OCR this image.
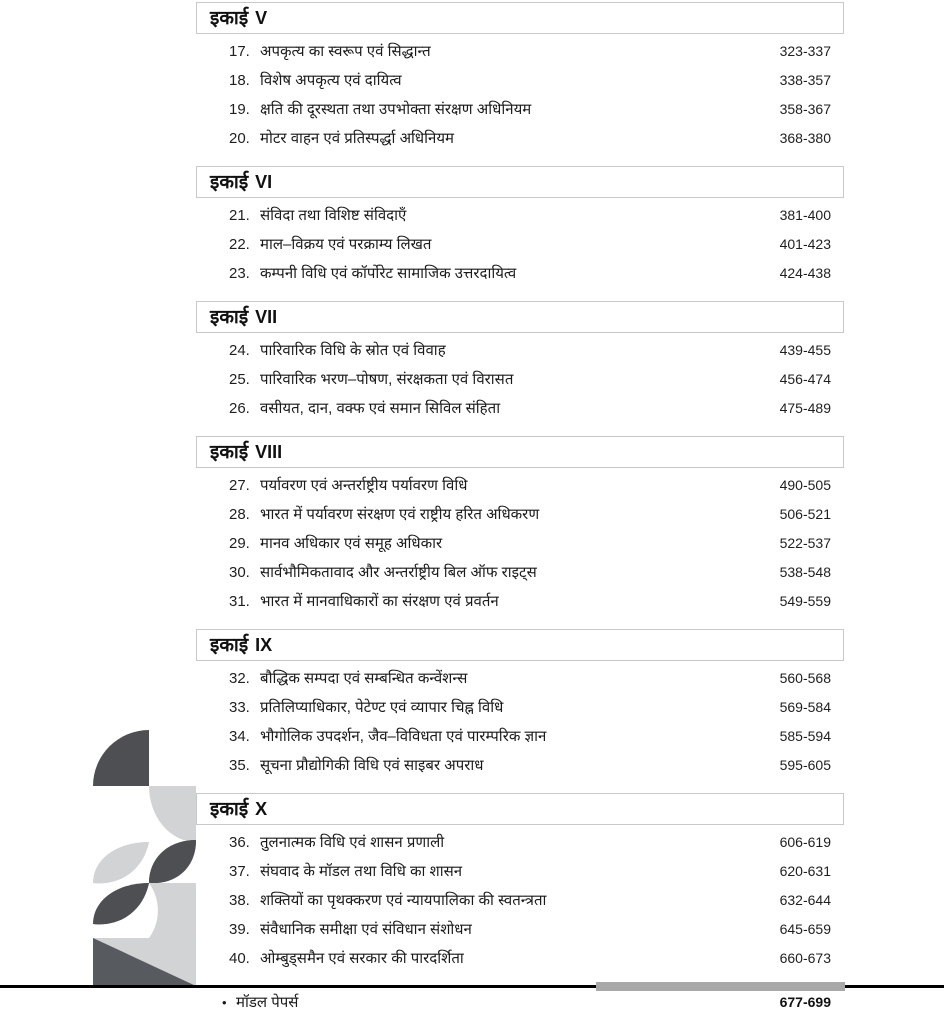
इकाई V
17. अपकृत्य का स्वरूप एवं सिद्धान्त	323-337
18. विशेष अपकृत्य एवं दायित्व	338-357
19. क्षति की दूरस्थता तथा उपभोक्ता संरक्षण अधिनियम	358-367
20. मोटर वाहन एवं प्रतिस्पर्द्धा अधिनियम	368-380
इकाई VI
21. संविदा तथा विशिष्ट संविदाएँ	381-400
22. माल–विक्रय एवं परक्राम्य लिखत	401-423
23. कम्पनी विधि एवं कॉर्पोरेट सामाजिक उत्तरदायित्व	424-438
इकाई VII
24. पारिवारिक विधि के स्रोत एवं विवाह	439-455
25. पारिवारिक भरण–पोषण, संरक्षकता एवं विरासत	456-474
26. वसीयत, दान, वक्फ एवं समान सिविल संहिता	475-489
इकाई VIII
27. पर्यावरण एवं अन्तर्राष्ट्रीय पर्यावरण विधि	490-505
28. भारत में पर्यावरण संरक्षण एवं राष्ट्रीय हरित अधिकरण	506-521
29. मानव अधिकार एवं समूह अधिकार	522-537
30. सार्वभौमिकतावाद और अन्तर्राष्ट्रीय बिल ऑफ राइट्स	538-548
31. भारत में मानवाधिकारों का संरक्षण एवं प्रवर्तन	549-559
इकाई IX
32. बौद्धिक सम्पदा एवं सम्बन्धित कन्वेंशन्स	560-568
33. प्रतिलिप्याधिकार, पेटेण्ट एवं व्यापार चिह्न विधि	569-584
34. भौगोलिक उपदर्शन, जैव–विविधता एवं पारम्परिक ज्ञान	585-594
35. सूचना प्रौद्योगिकी विधि एवं साइबर अपराध	595-605
इकाई X
36. तुलनात्मक विधि एवं शासन प्रणाली	606-619
37. संघवाद के मॉडल तथा विधि का शासन	620-631
38. शक्तियों का पृथक्करण एवं न्यायपालिका की स्वतन्त्रता	632-644
39. संवैधानिक समीक्षा एवं संविधान संशोधन	645-659
40. ओम्बुड्समैन एवं सरकार की पारदर्शिता	660-673
• मॉडल पेपर्स	677-699
